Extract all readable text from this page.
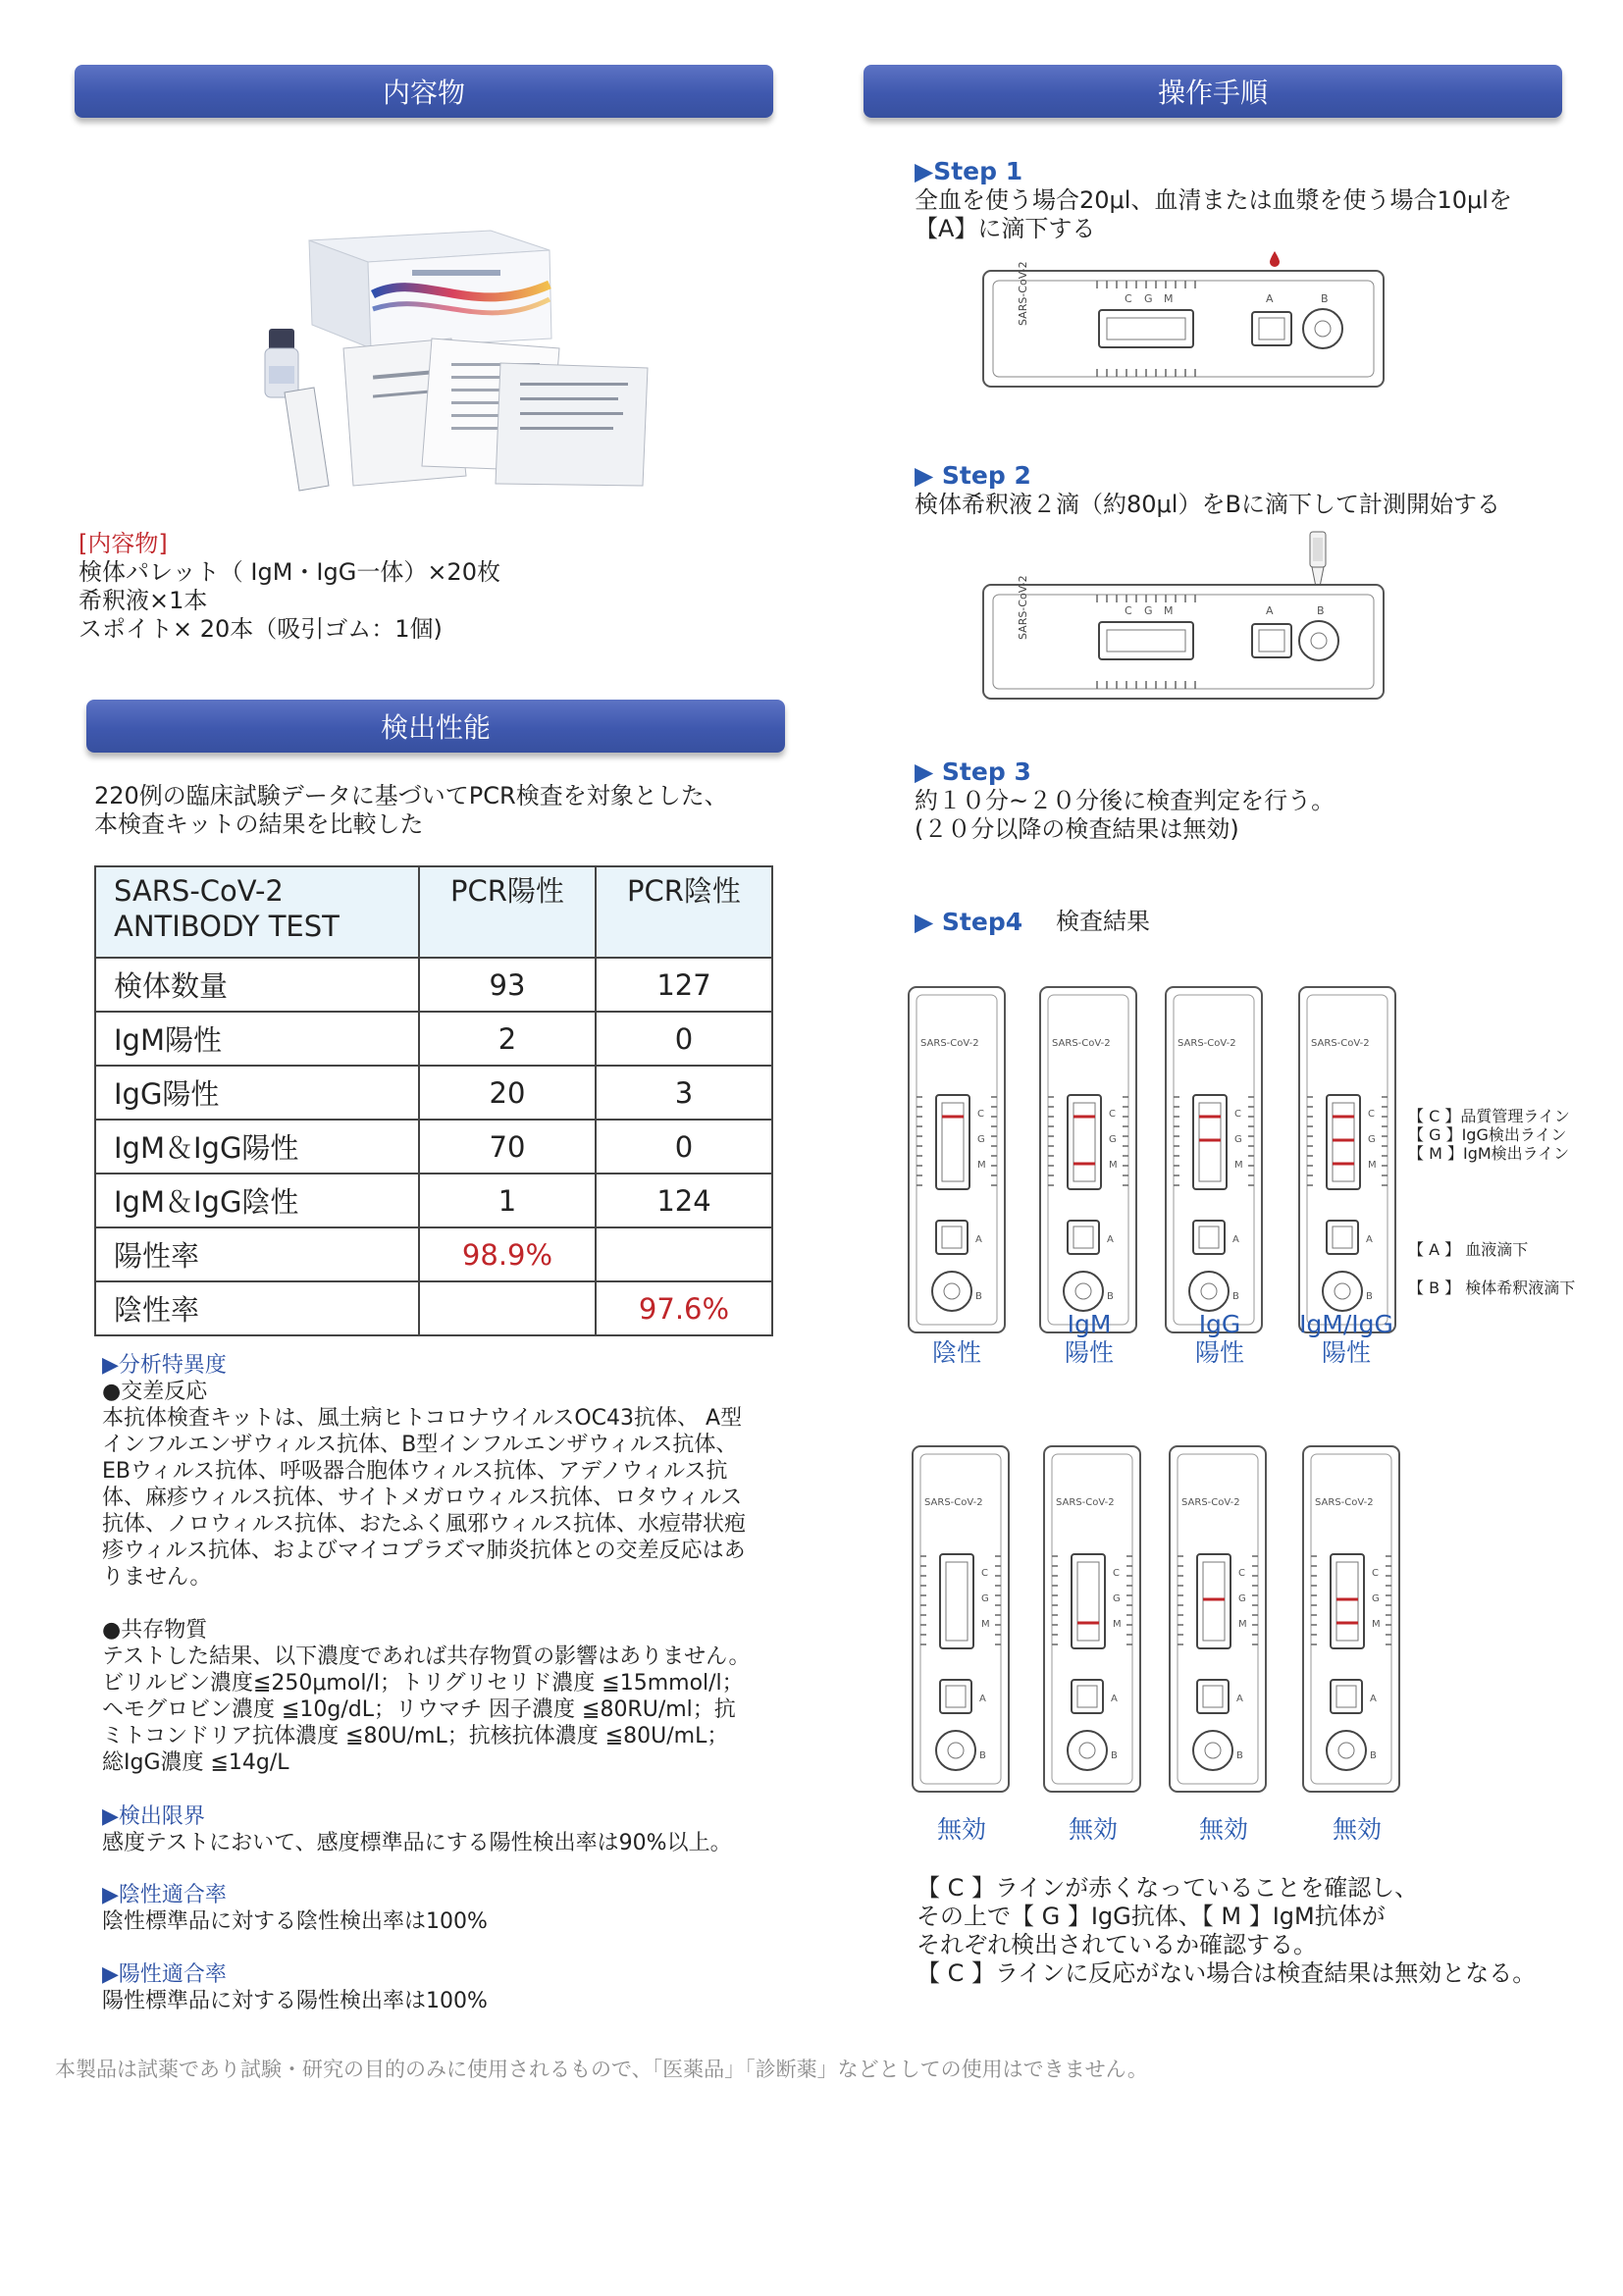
内容物
[内容物]
検体パレット（ IgM・IgG一体）×20枚
希釈液×1本
スポイト× 20本（吸引ゴム：1個)
検出性能
220例の臨床試験データに基づいてPCR検査を対象とした、
本検査キットの結果を比較した
SARS-CoV-2
ANTIBODY TEST	PCR陽性	PCR陰性
検体数量	93	127
IgM陽性	2	0
IgG陽性	20	3
IgM＆IgG陽性	70	0
IgM＆IgG陰性	1	124
陽性率	98.9%	
陰性率		97.6%
▶分析特異度
●交差反応
本抗体検査キットは、風土病ヒトコロナウイルスOC43抗体、 A型
インフルエンザウィルス抗体、B型インフルエンザウィルス抗体、
EBウィルス抗体、呼吸器合胞体ウィルス抗体、アデノウィルス抗
体、麻疹ウィルス抗体、サイトメガロウィルス抗体、ロタウィルス
抗体、ノロウィルス抗体、おたふく風邪ウィルス抗体、水痘帯状疱
疹ウィルス抗体、およびマイコプラズマ肺炎抗体との交差反応はあ
りません。
●共存物質
テストした結果、以下濃度であれば共存物質の影響はありません。
ビリルビン濃度≦250μmol/l；トリグリセリド濃度 ≦15mmol/l；
ヘモグロビン濃度 ≦10g/dL；リウマチ 因子濃度 ≦80RU/ml；抗
ミトコンドリア抗体濃度 ≦80U/mL；抗核抗体濃度 ≦80U/mL；
総IgG濃度 ≦14g/L
▶検出限界
感度テストにおいて、感度標準品にする陽性検出率は90%以上。
▶陰性適合率
陰性標準品に対する陰性検出率は100%
▶陽性適合率
陽性標準品に対する陽性検出率は100%
操作手順
▶Step 1
全血を使う場合20μl、血清または血漿を使う場合10μlを
【A】に滴下する
SARS-CoV-2	C G M	A	B
▶ Step 2
検体希釈液２滴（約80μl）をBに滴下して計測開始する
SARS-CoV-2	C G M	A	B
▶ Step 3
約１０分~２０分後に検査判定を行う。
(２０分以降の検査結果は無効)
▶ Step4 検査結果
SARS-CoV-2
C
G
M
A
B
SARS-CoV-2
C
G
M
A
B
SARS-CoV-2
C
G
M
A
B
SARS-CoV-2
C
G
M
A
B
【 C 】品質管理ライン
【 G 】IgG検出ライン
【 M 】IgM検出ライン
【 A 】 血液滴下
【 B 】 検体希釈液滴下
陰性
IgM
陽性
IgG
陽性
IgM/IgG
陽性
SARS-CoV-2
C
G
M
A
B
SARS-CoV-2
C
G
M
A
B
SARS-CoV-2
C
G
M
A
B
SARS-CoV-2
C
G
M
A
B
無効	無効	無効	無効
【 C 】ラインが赤くなっていることを確認し、
その上で【 G 】IgG抗体、【 M 】IgM抗体が
それぞれ検出されているか確認する。
【 C 】ラインに反応がない場合は検査結果は無効となる。
本製品は試薬であり試験・研究の目的のみに使用されるもので、「医薬品」「診断薬」などとしての使用はできません。
